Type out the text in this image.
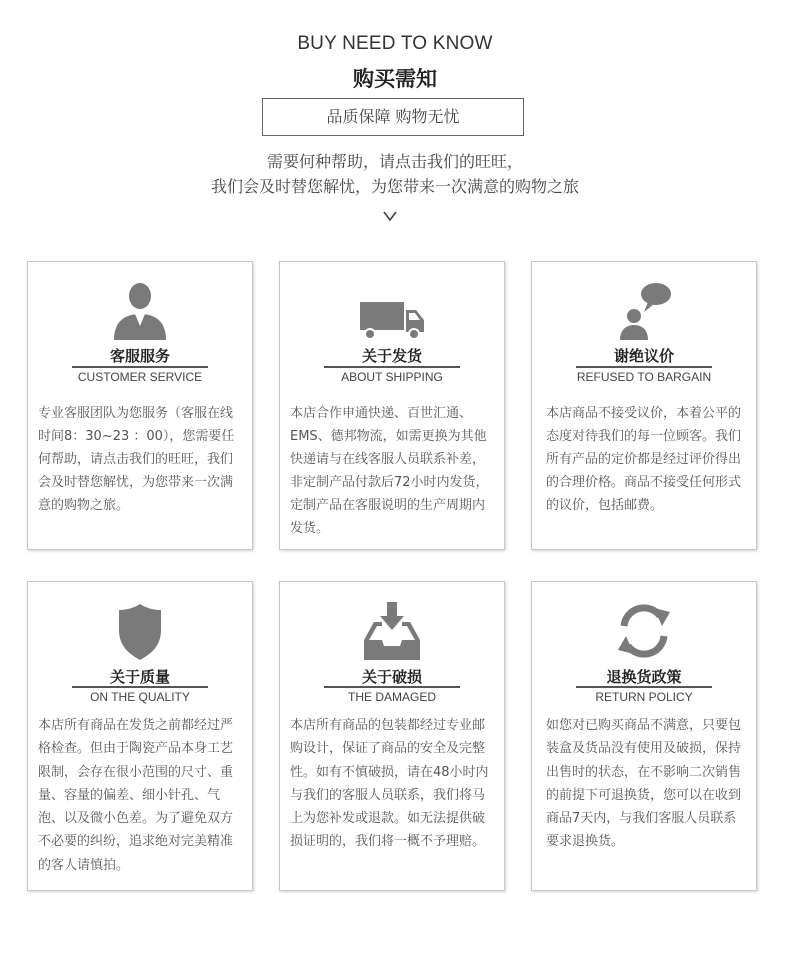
BUY NEED TO KNOW
购买需知
品质保障 购物无忧
需要何种帮助，请点击我们的旺旺，
我们会及时替您解忧，为您带来一次满意的购物之旅
客服服务
CUSTOMER SERVICE
专业客服团队为您服务（客服在线时间8：30~23 ：00），您需要任何帮助，请点击我们的旺旺，我们会及时替您解忧，为您带来一次满意的购物之旅。
关于发货
ABOUT SHIPPING
本店合作申通快递、百世汇通、EMS、德邦物流，如需更换为其他快递请与在线客服人员联系补差，非定制产品付款后72小时内发货，定制产品在客服说明的生产周期内发货。
谢绝议价
REFUSED TO BARGAIN
本店商品不接受议价，本着公平的态度对待我们的每一位顾客。我们所有产品的定价都是经过评价得出的合理价格。商品不接受任何形式的议价，包括邮费。
关于质量
ON THE QUALITY
本店所有商品在发货之前都经过严格检查。但由于陶瓷产品本身工艺限制，会存在很小范围的尺寸、重量、容量的偏差、细小针孔、气泡、以及微小色差。为了避免双方不必要的纠纷，追求绝对完美精准的客人请慎拍。
关于破损
THE DAMAGED
本店所有商品的包装都经过专业邮购设计，保证了商品的安全及完整性。如有不慎破损，请在48小时内与我们的客服人员联系，我们将马上为您补发或退款。如无法提供破损证明的，我们将一概不予理赔。
退换货政策
RETURN POLICY
如您对已购买商品不满意，只要包装盒及货品没有使用及破损，保持出售时的状态，在不影响二次销售的前提下可退换货，您可以在收到商品7天内，与我们客服人员联系要求退换货。
